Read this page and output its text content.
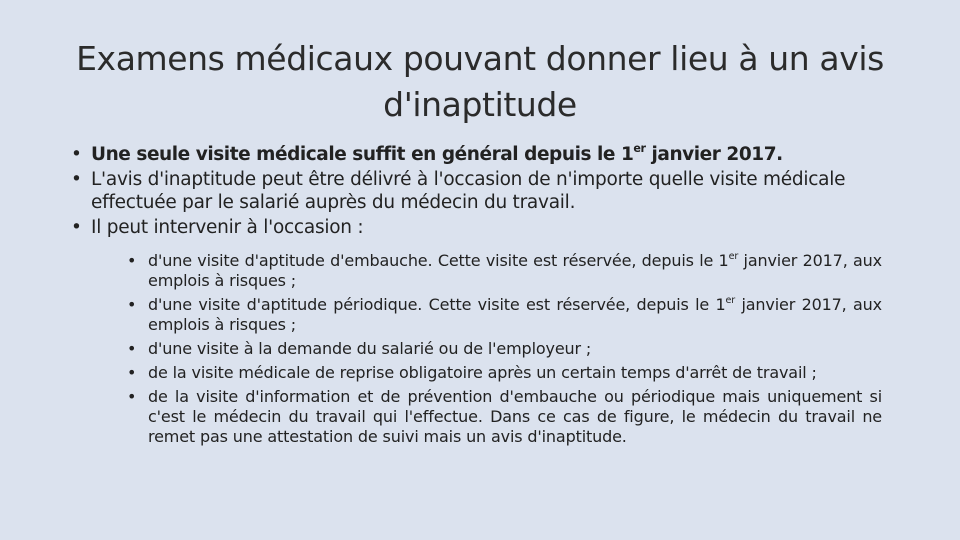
Examens médicaux pouvant donner lieu à un avis d'inaptitude
• Une seule visite médicale suffit en général depuis le 1er janvier 2017.
• L'avis d'inaptitude peut être délivré à l'occasion de n'importe quelle visite médicale effectuée par le salarié auprès du médecin du travail.
• Il peut intervenir à l'occasion :
• d'une visite d'aptitude d'embauche. Cette visite est réservée, depuis le 1er janvier 2017, aux emplois à risques ;
• d'une visite d'aptitude périodique. Cette visite est réservée, depuis le 1er janvier 2017, aux emplois à risques ;
• d'une visite à la demande du salarié ou de l'employeur ;
• de la visite médicale de reprise obligatoire après un certain temps d'arrêt de travail ;
• de la visite d'information et de prévention d'embauche ou périodique mais uniquement si c'est le médecin du travail qui l'effectue. Dans ce cas de figure, le médecin du travail ne remet pas une attestation de suivi mais un avis d'inaptitude.
